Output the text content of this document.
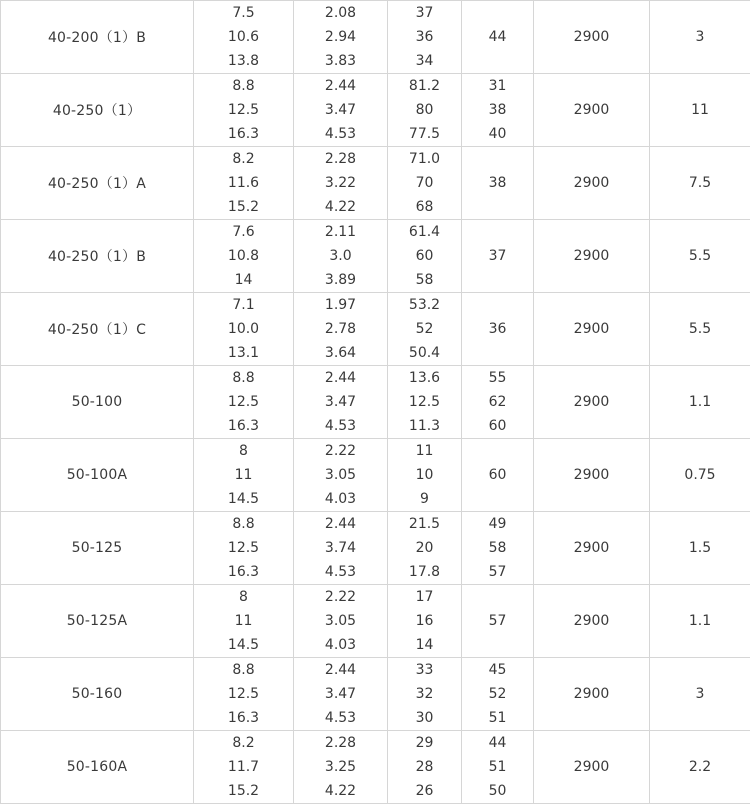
40-200（1）B	7.5
10.6
13.8	2.08
2.94
3.83	37
36
34	44	2900	3
40-250（1）	8.8
12.5
16.3	2.44
3.47
4.53	81.2
80
77.5	31
38
40	2900	11
40-250（1）A	8.2
11.6
15.2	2.28
3.22
4.22	71.0
70
68	38	2900	7.5
40-250（1）B	7.6
10.8
14	2.11
3.0
3.89	61.4
60
58	37	2900	5.5
40-250（1）C	7.1
10.0
13.1	1.97
2.78
3.64	53.2
52
50.4	36	2900	5.5
50-100	8.8
12.5
16.3	2.44
3.47
4.53	13.6
12.5
11.3	55
62
60	2900	1.1
50-100A	8
11
14.5	2.22
3.05
4.03	11
10
9	60	2900	0.75
50-125	8.8
12.5
16.3	2.44
3.74
4.53	21.5
20
17.8	49
58
57	2900	1.5
50-125A	8
11
14.5	2.22
3.05
4.03	17
16
14	57	2900	1.1
50-160	8.8
12.5
16.3	2.44
3.47
4.53	33
32
30	45
52
51	2900	3
50-160A	8.2
11.7
15.2	2.28
3.25
4.22	29
28
26	44
51
50	2900	2.2
